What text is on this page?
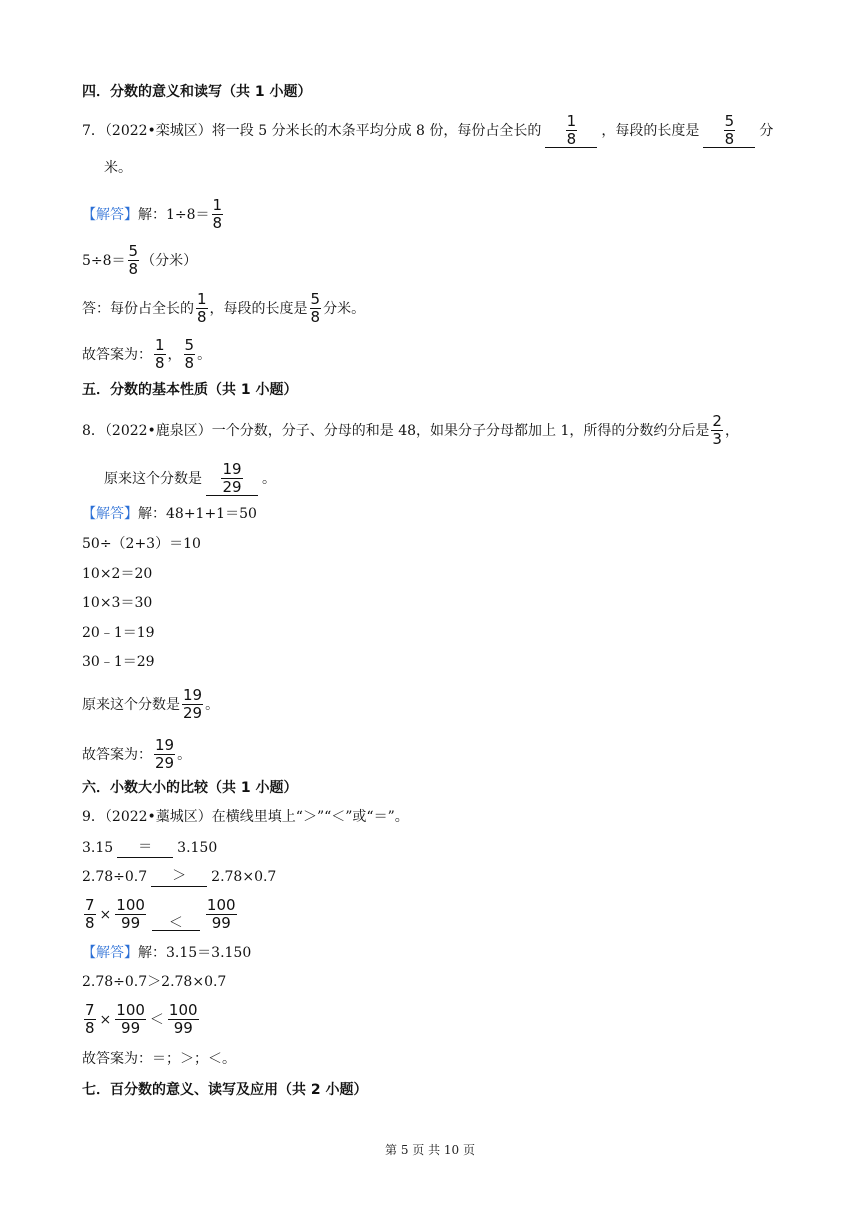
四．分数的意义和读写（共 1 小题）
7．（2022•栾城区）将一段 5 分米长的木条平均分成 8 份，每份占全长的 $\frac{1}{8}$ ，每段的长度是 $\frac{5}{8}$ 分
米。
【解答】 解：$1\div 8= \frac{1}{8}$
$5\div 8= \frac{5}{8}$ （分米）
答：每份占全长的 $\frac{1}{8}$ ，每段的长度是 $\frac{5}{8}$ 分米。
故答案为： $\frac{1}{8}$ ， $\frac{5}{8}$ 。
五．分数的基本性质（共 1 小题）
8．（2022•鹿泉区）一个分数，分子、分母的和是 48，如果分子分母都加上 1，所得的分数约分后是 $\frac{2}{3}$ ，
原来这个分数是 $\frac{19}{29}$ 。
【解答】 解：48+1+1＝50
50÷（2+3）＝10
10×2＝20
10×3＝30
20﹣1＝19
30﹣1＝29
原来这个分数是 $\frac{19}{29}$ 。
故答案为： $\frac{19}{29}$ 。
六．小数大小的比较（共 1 小题）
9．（2022•藁城区）在横线里填上“＞”“＜”或“＝”。
3.15	＝	3.150
2.78÷0.7	＞	2.78×0.7
$\frac{7}{8} \times \frac{100}{99}$	＜	$\frac{100}{99}$
【解答】 解：3.15＝3.150
2.78÷0.7＞2.78×0.7
$\frac{7}{8} \times \frac{100}{99} < \frac{100}{99}$
故答案为：＝；＞；＜。
七．百分数的意义、读写及应用（共 2 小题）
第 5 页 共 10 页
